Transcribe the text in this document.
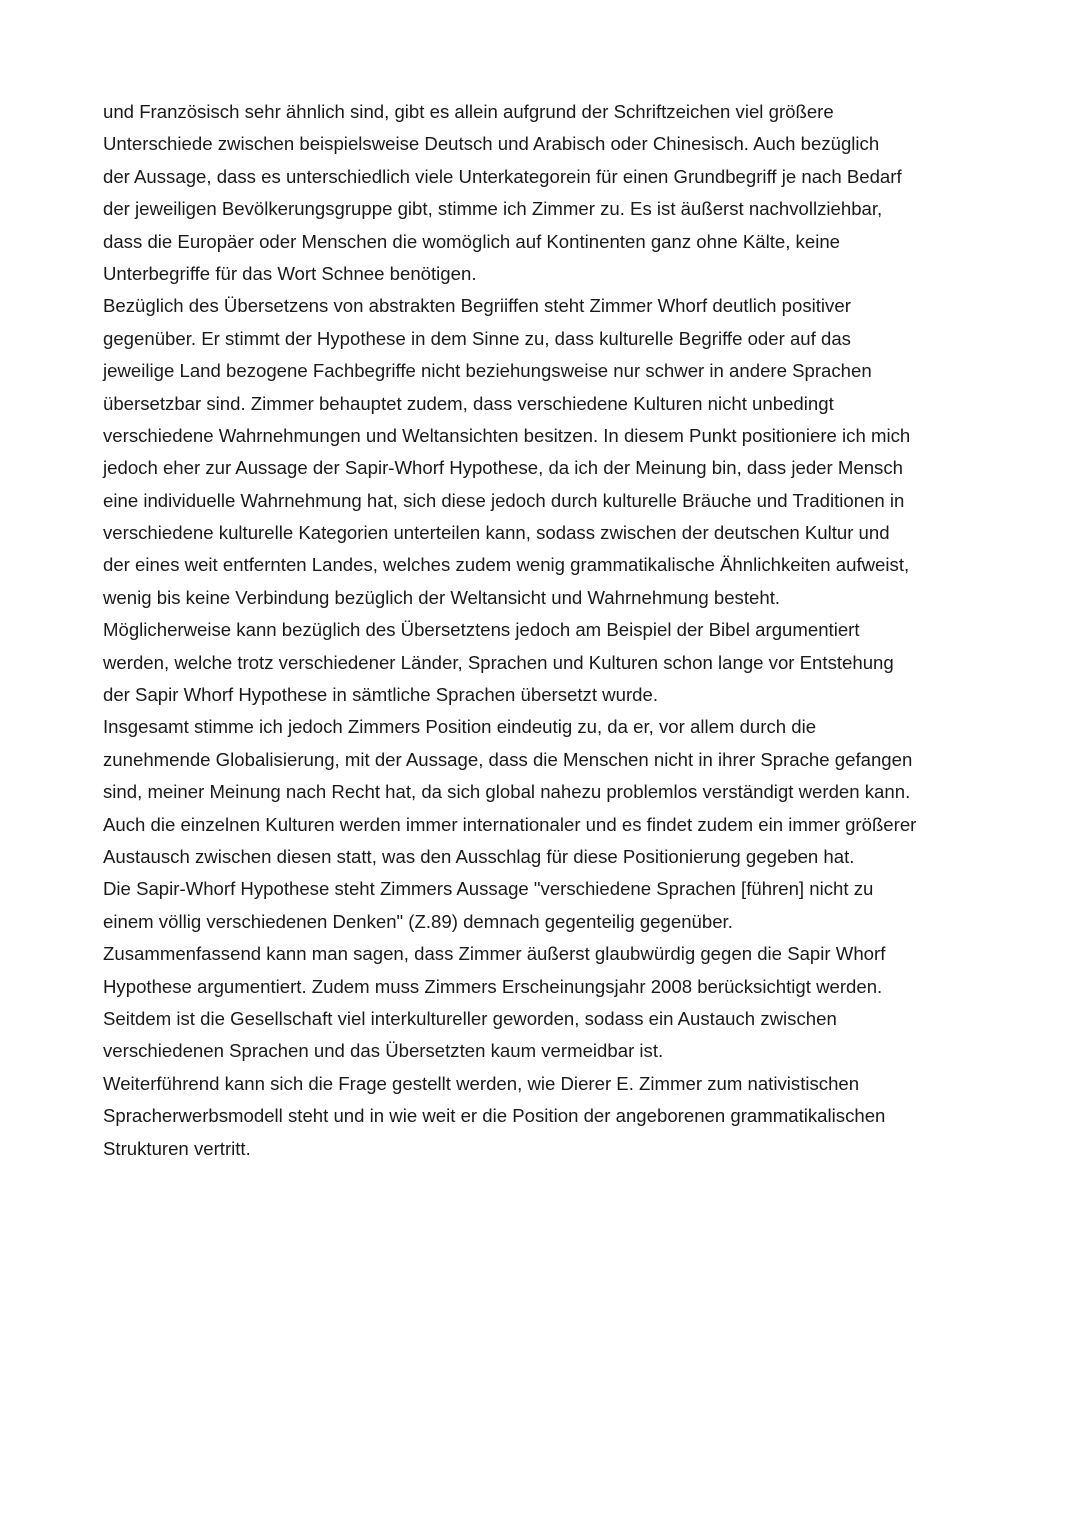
und Französisch sehr ähnlich sind, gibt es allein aufgrund der Schriftzeichen viel größere
Unterschiede zwischen beispielsweise Deutsch und Arabisch oder Chinesisch. Auch bezüglich
der Aussage, dass es unterschiedlich viele Unterkategorein für einen Grundbegriff je nach Bedarf
der jeweiligen Bevölkerungsgruppe gibt, stimme ich Zimmer zu. Es ist äußerst nachvollziehbar,
dass die Europäer oder Menschen die womöglich auf Kontinenten ganz ohne Kälte, keine
Unterbegriffe für das Wort Schnee benötigen.
Bezüglich des Übersetzens von abstrakten Begriiffen steht Zimmer Whorf deutlich positiver
gegenüber. Er stimmt der Hypothese in dem Sinne zu, dass kulturelle Begriffe oder auf das
jeweilige Land bezogene Fachbegriffe nicht beziehungsweise nur schwer in andere Sprachen
übersetzbar sind. Zimmer behauptet zudem, dass verschiedene Kulturen nicht unbedingt
verschiedene Wahrnehmungen und Weltansichten besitzen. In diesem Punkt positioniere ich mich
jedoch eher zur Aussage der Sapir-Whorf Hypothese, da ich der Meinung bin, dass jeder Mensch
eine individuelle Wahrnehmung hat, sich diese jedoch durch kulturelle Bräuche und Traditionen in
verschiedene kulturelle Kategorien unterteilen kann, sodass zwischen der deutschen Kultur und
der eines weit entfernten Landes, welches zudem wenig grammatikalische Ähnlichkeiten aufweist,
wenig bis keine Verbindung bezüglich der Weltansicht und Wahrnehmung besteht.
Möglicherweise kann bezüglich des Übersetztens jedoch am Beispiel der Bibel argumentiert
werden, welche trotz verschiedener Länder, Sprachen und Kulturen schon lange vor Entstehung
der Sapir Whorf Hypothese in sämtliche Sprachen übersetzt wurde.
Insgesamt stimme ich jedoch Zimmers Position eindeutig zu, da er, vor allem durch die
zunehmende Globalisierung, mit der Aussage, dass die Menschen nicht in ihrer Sprache gefangen
sind, meiner Meinung nach Recht hat, da sich global nahezu problemlos verständigt werden kann.
Auch die einzelnen Kulturen werden immer internationaler und es findet zudem ein immer größerer
Austausch zwischen diesen statt, was den Ausschlag für diese Positionierung gegeben hat.
Die Sapir-Whorf Hypothese steht Zimmers Aussage "verschiedene Sprachen [führen] nicht zu
einem völlig verschiedenen Denken" (Z.89) demnach gegenteilig gegenüber.
Zusammenfassend kann man sagen, dass Zimmer äußerst glaubwürdig gegen die Sapir Whorf
Hypothese argumentiert. Zudem muss Zimmers Erscheinungsjahr 2008 berücksichtigt werden.
Seitdem ist die Gesellschaft viel interkultureller geworden, sodass ein Austauch zwischen
verschiedenen Sprachen und das Übersetzten kaum vermeidbar ist.
Weiterführend kann sich die Frage gestellt werden, wie Dierer E. Zimmer zum nativistischen
Spracherwerbsmodell steht und in wie weit er die Position der angeborenen grammatikalischen
Strukturen vertritt.
